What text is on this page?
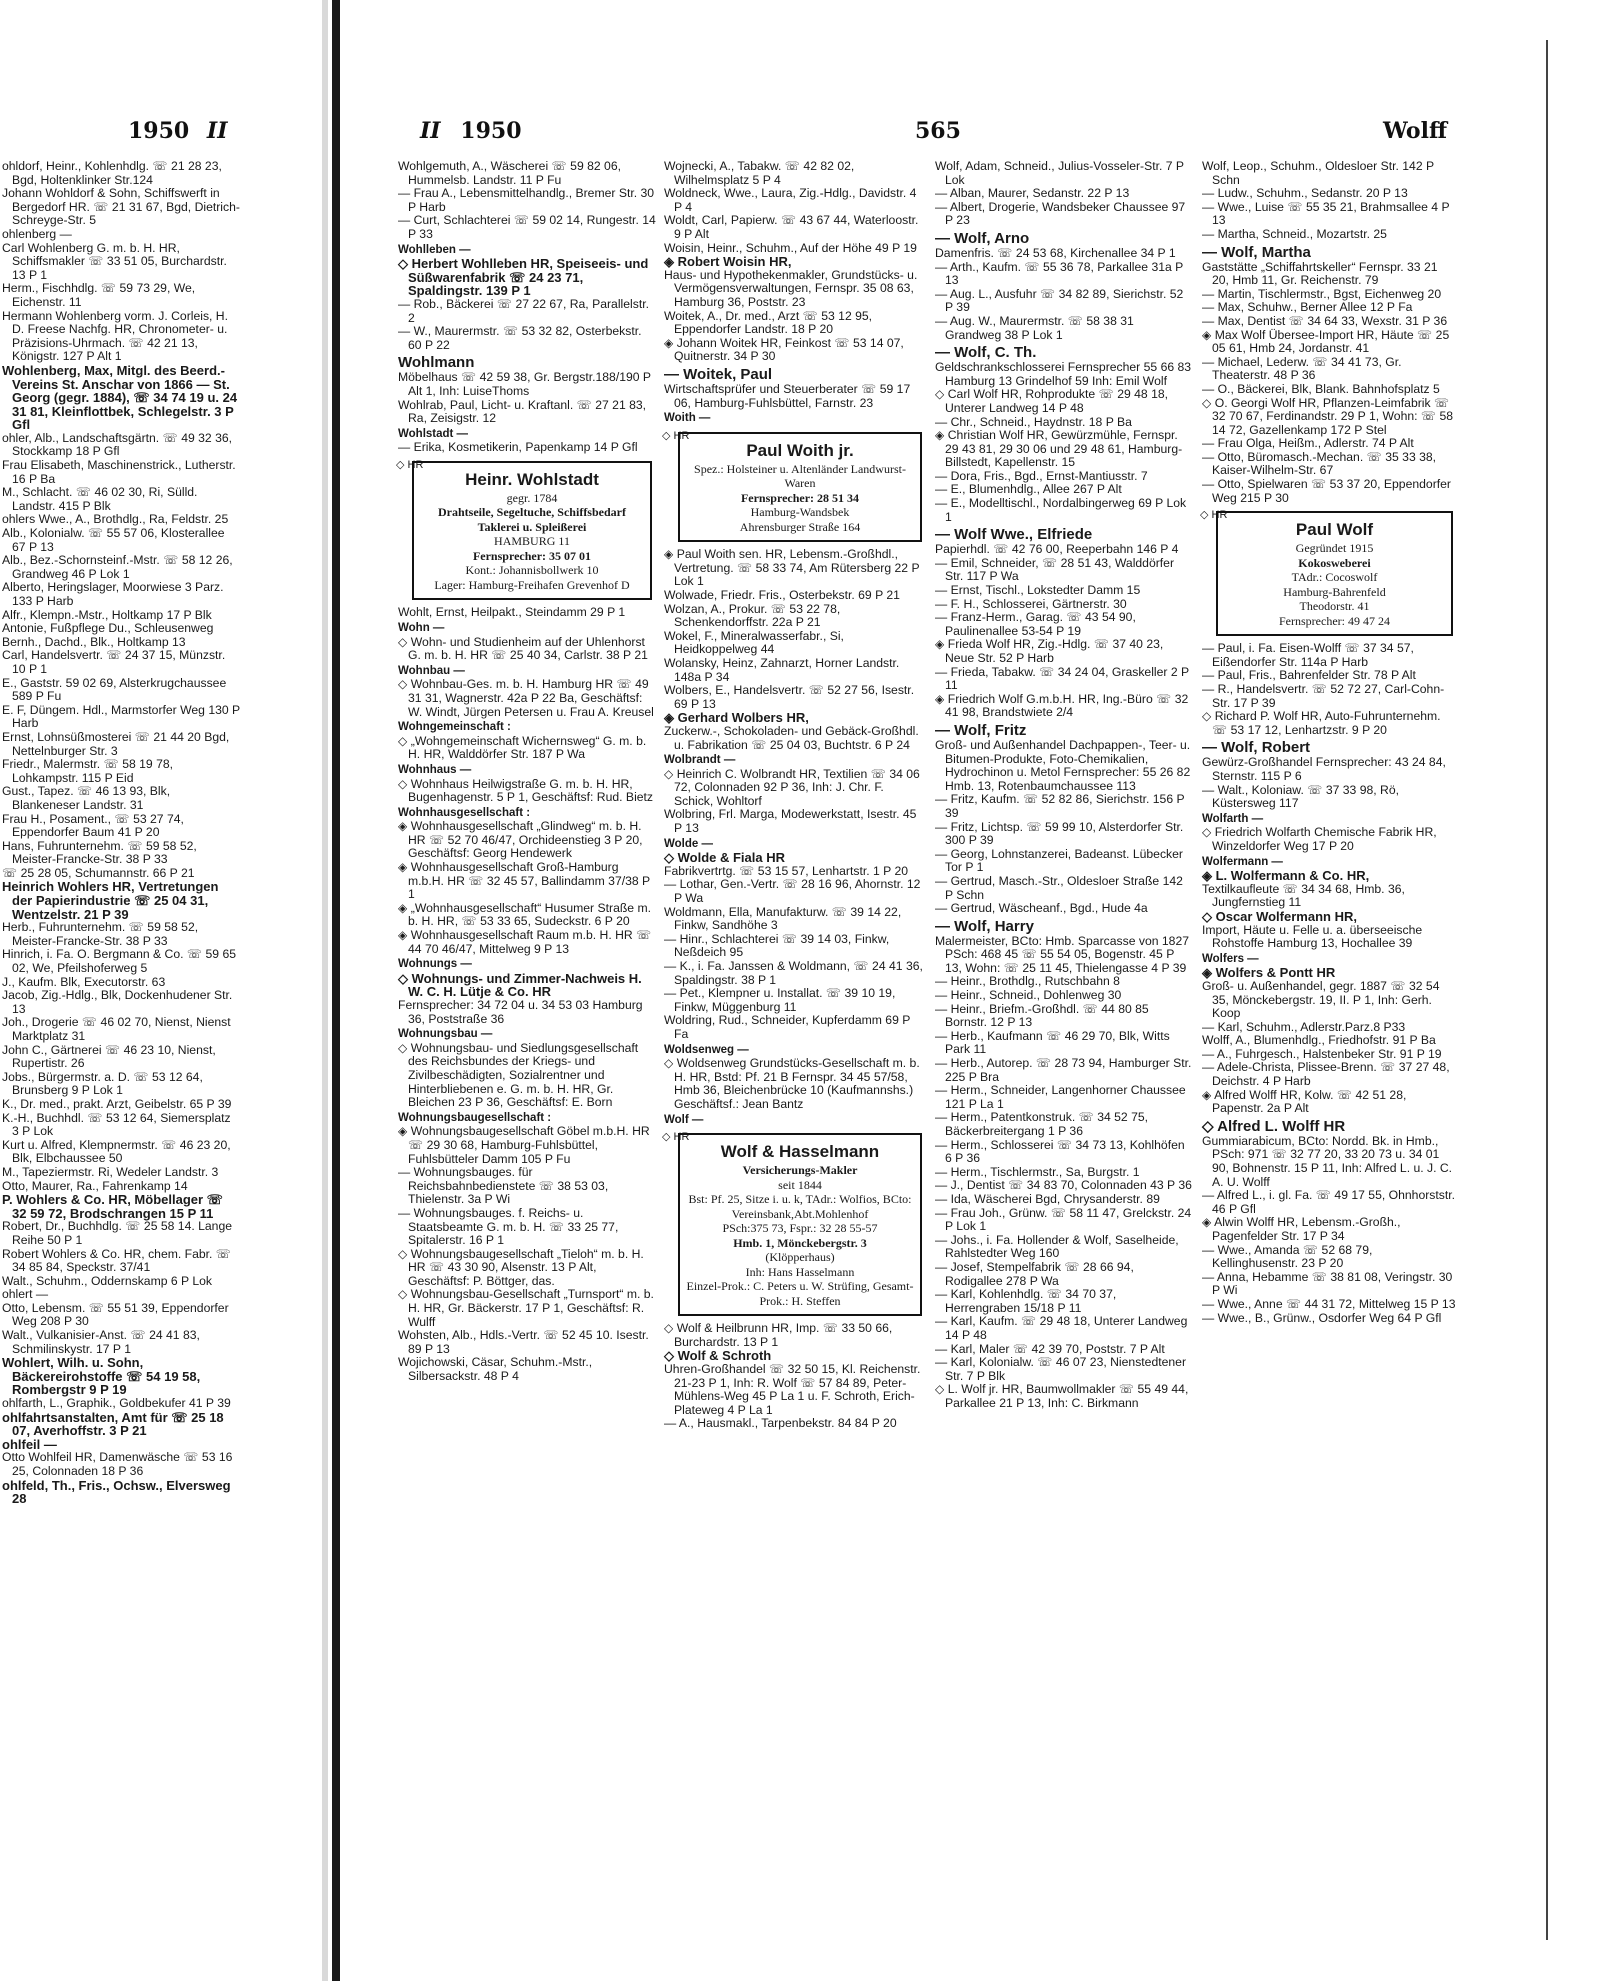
1950 II	II 1950	565	Wolff

ohldorf, Heinr., Kohlenhdlg. ☏ 21 28 23, Bgd, Holtenklinker Str.124

Johann Wohldorf & Sohn, Schiffswerft in Bergedorf HR. ☏ 21 31 67, Bgd, Dietrich-Schreyge-Str. 5

ohlenberg —

Carl Wohlenberg G. m. b. H. HR, Schiffsmakler ☏ 33 51 05, Burchardstr. 13 P 1

Herm., Fischhdlg. ☏ 59 73 29, We, Eichenstr. 11

Hermann Wohlenberg vorm. J. Corleis, H. D. Freese Nachfg. HR, Chronometer- u. Präzisions-Uhrmach. ☏ 42 21 13, Königstr. 127 P Alt 1

Wohlenberg, Max, Mitgl. des Beerd.-Vereins St. Anschar von 1866 — St. Georg (gegr. 1884), ☏ 34 74 19 u. 24 31 81, Kleinflottbek, Schlegelstr. 3 P Gfl

ohler, Alb., Landschaftsgärtn. ☏ 49 32 36, Stockkamp 18 P Gfl

Frau Elisabeth, Maschinenstrick., Lutherstr. 16 P Ba

M., Schlacht. ☏ 46 02 30, Ri, Sülld. Landstr. 415 P Blk

ohlers Wwe., A., Brothdlg., Ra, Feldstr. 25

Alb., Kolonialw. ☏ 55 57 06, Klosterallee 67 P 13

Alb., Bez.-Schornsteinf.-Mstr. ☏ 58 12 26, Grandweg 46 P Lok 1

Alberto, Heringslager, Moorwiese 3 Parz. 133 P Harb

Alfr., Klempn.-Mstr., Holtkamp 17 P Blk

Antonie, Fußpflege Du., Schleusenweg

Bernh., Dachd., Blk., Holtkamp 13

Carl, Handelsvertr. ☏ 24 37 15, Münzstr. 10 P 1

E., Gaststr. 59 02 69, Alsterkrugchaussee 589 P Fu

E. F, Düngem. Hdl., Marmstorfer Weg 130 P Harb

Ernst, Lohnsüßmosterei ☏ 21 44 20 Bgd, Nettelnburger Str. 3

Friedr., Malermstr. ☏ 58 19 78, Lohkampstr. 115 P Eid

Gust., Tapez. ☏ 46 13 93, Blk, Blankeneser Landstr. 31

Frau H., Posament., ☏ 53 27 74, Eppendorfer Baum 41 P 20

Hans, Fuhrunternehm. ☏ 59 58 52, Meister-Francke-Str. 38 P 33

☏ 25 28 05, Schumannstr. 66 P 21

Heinrich Wohlers HR, Vertretungen der Papierindustrie ☏ 25 04 31, Wentzelstr. 21 P 39

Herb., Fuhrunternehm. ☏ 59 58 52, Meister-Francke-Str. 38 P 33

Hinrich, i. Fa. O. Bergmann & Co. ☏ 59 65 02, We, Pfeilshoferweg 5

J., Kaufm. Blk, Executorstr. 63

Jacob, Zig.-Hdlg., Blk, Dockenhudener Str. 13

Joh., Drogerie ☏ 46 02 70, Nienst, Nienst Marktplatz 31

John C., Gärtnerei ☏ 46 23 10, Nienst, Rupertistr. 26

Jobs., Bürgermstr. a. D. ☏ 53 12 64, Brunsberg 9 P Lok 1

K., Dr. med., prakt. Arzt, Geibelstr. 65 P 39

K.-H., Buchhdl. ☏ 53 12 64, Siemersplatz 3 P Lok

Kurt u. Alfred, Klempnermstr. ☏ 46 23 20, Blk, Elbchaussee 50

M., Tapeziermstr. Ri, Wedeler Landstr. 3

Otto, Maurer, Ra., Fahrenkamp 14

P. Wohlers & Co. HR, Möbellager ☏ 32 59 72, Brodschrangen 15 P 11

Robert, Dr., Buchhdlg. ☏ 25 58 14. Lange Reihe 50 P 1

Robert Wohlers & Co. HR, chem. Fabr. ☏ 34 85 84, Speckstr. 37/41

Walt., Schuhm., Oddernskamp 6 P Lok

ohlert —

Otto, Lebensm. ☏ 55 51 39, Eppendorfer Weg 208 P 30

Walt., Vulkanisier-Anst. ☏ 24 41 83, Schmilinskystr. 17 P 1

Wohlert, Wilh. u. Sohn, Bäckereirohstoffe ☏ 54 19 58, Rombergstr 9 P 19

ohlfarth, L., Graphik., Goldbekufer 41 P 39

ohlfahrtsanstalten, Amt für ☏ 25 18 07, Averhoffstr. 3 P 21

ohlfeil —

Otto Wohlfeil HR, Damenwäsche ☏ 53 16 25, Colonnaden 18 P 36

ohlfeld, Th., Fris., Ochsw., Elversweg 28

Wohlgemuth, A., Wäscherei ☏ 59 82 06, Hummelsb. Landstr. 11 P Fu

— Frau A., Lebensmittelhandlg., Bremer Str. 30 P Harb

— Curt, Schlachterei ☏ 59 02 14, Rungestr. 14 P 33

Wohlleben —

◇ Herbert Wohlleben HR, Speiseeis- und Süßwarenfabrik ☏ 24 23 71, Spaldingstr. 139 P 1

— Rob., Bäckerei ☏ 27 22 67, Ra, Parallelstr. 2

— W., Maurermstr. ☏ 53 32 82, Osterbekstr. 60 P 22

Wohlmann

Möbelhaus ☏ 42 59 38, Gr. Bergstr.188/190 P Alt 1, Inh: LuiseThoms

Wohlrab, Paul, Licht- u. Kraftanl. ☏ 27 21 83, Ra, Zeisigstr. 12

Wohlstadt —

— Erika, Kosmetikerin, Papenkamp 14 P Gfl

◇ HR
Heinr. Wohlstadt
gegr. 1784
Drahtseile, Segeltuche, Schiffsbedarf
Taklerei u. Spleißerei
HAMBURG 11
Fernsprecher: 35 07 01
Kont.: Johannisbollwerk 10
Lager: Hamburg-Freihafen Grevenhof D

Wohlt, Ernst, Heilpakt., Steindamm 29 P 1

Wohn —

◇ Wohn- und Studienheim auf der Uhlenhorst G. m. b. H. HR ☏ 25 40 34, Carlstr. 38 P 21

Wohnbau —

◇ Wohnbau-Ges. m. b. H. Hamburg HR ☏ 49 31 31, Wagnerstr. 42a P 22 Ba, Geschäftsf: W. Windt, Jürgen Petersen u. Frau A. Kreusel

Wohngemeinschaft :

◇ „Wohngemeinschaft Wichernsweg“ G. m. b. H. HR, Walddörfer Str. 187 P Wa

Wohnhaus —

◇ Wohnhaus Heilwigstraße G. m. b. H. HR, Bugenhagenstr. 5 P 1, Geschäftsf: Rud. Bietz

Wohnhausgesellschaft :

◈ Wohnhausgesellschaft „Glindweg“ m. b. H. HR ☏ 52 70 46/47, Orchideenstieg 3 P 20, Geschäftsf: Georg Hendewerk

◈ Wohnhausgesellschaft Groß-Hamburg m.b.H. HR ☏ 32 45 57, Ballindamm 37/38 P 1

◈ „Wohnhausgesellschaft“ Husumer Straße m. b. H. HR, ☏ 53 33 65, Sudeckstr. 6 P 20

◈ Wohnhausgesellschaft Raum m.b. H. HR ☏ 44 70 46/47, Mittelweg 9 P 13

Wohnungs —

◇ Wohnungs- und Zimmer-Nachweis H. W. C. H. Lütje & Co. HR

Fernsprecher: 34 72 04 u. 34 53 03 Hamburg 36, Poststraße 36

Wohnungsbau —

◇ Wohnungsbau- und Siedlungsgesellschaft des Reichsbundes der Kriegs- und Zivilbeschädigten, Sozialrentner und Hinterbliebenen e. G. m. b. H. HR, Gr. Bleichen 23 P 36, Geschäftsf: E. Born

Wohnungsbaugesellschaft :

◈ Wohnungsbaugesellschaft Göbel m.b.H. HR ☏ 29 30 68, Hamburg-Fuhlsbüttel, Fuhlsbütteler Damm 105 P Fu

— Wohnungsbauges. für Reichsbahnbedienstete ☏ 38 53 03, Thielenstr. 3a P Wi

— Wohnungsbauges. f. Reichs- u. Staatsbeamte G. m. b. H. ☏ 33 25 77, Spitalerstr. 16 P 1

◇ Wohnungsbaugesellschaft „Tieloh“ m. b. H. HR ☏ 43 30 90, Alsenstr. 13 P Alt, Geschäftsf: P. Böttger, das.

◇ Wohnungsbau-Gesellschaft „Turnsport“ m. b. H. HR, Gr. Bäckerstr. 17 P 1, Geschäftsf: R. Wulff

Wohsten, Alb., Hdls.-Vertr. ☏ 52 45 10. Isestr. 89 P 13

Wojichowski, Cäsar, Schuhm.-Mstr., Silbersackstr. 48 P 4

Wojnecki, A., Tabakw. ☏ 42 82 02, Wilhelmsplatz 5 P 4

Woldneck, Wwe., Laura, Zig.-Hdlg., Davidstr. 4 P 4

Woldt, Carl, Papierw. ☏ 43 67 44, Waterloostr. 9 P Alt

Woisin, Heinr., Schuhm., Auf der Höhe 49 P 19

◈ Robert Woisin HR,

Haus- und Hypothekenmakler, Grundstücks- u. Vermögensverwaltungen, Fernspr. 35 08 63, Hamburg 36, Poststr. 23

Woitek, A., Dr. med., Arzt ☏ 53 12 95, Eppendorfer Landstr. 18 P 20

◈ Johann Woitek HR, Feinkost ☏ 53 14 07, Quitnerstr. 34 P 30

— Woitek, Paul

Wirtschaftsprüfer und Steuerberater ☏ 59 17 06, Hamburg-Fuhlsbüttel, Farnstr. 23

Woith —

◇ HR
Paul Woith jr.
Spez.: Holsteiner u. Altenländer Landwurst-Waren
Fernsprecher: 28 51 34
Hamburg-Wandsbek
Ahrensburger Straße 164

◈ Paul Woith sen. HR, Lebensm.-Großhdl., Vertretung. ☏ 58 33 74, Am Rütersberg 22 P Lok 1

Wolwade, Friedr. Fris., Osterbekstr. 69 P 21

Wolzan, A., Prokur. ☏ 53 22 78, Schenkendorffstr. 22a P 21

Wokel, F., Mineralwasserfabr., Si, Heidkoppelweg 44

Wolansky, Heinz, Zahnarzt, Horner Landstr. 148a P 34

Wolbers, E., Handelsvertr. ☏ 52 27 56, Isestr. 69 P 13

◈ Gerhard Wolbers HR,

Zuckerw.-, Schokoladen- und Gebäck-Großhdl. u. Fabrikation ☏ 25 04 03, Buchtstr. 6 P 24

Wolbrandt —

◇ Heinrich C. Wolbrandt HR, Textilien ☏ 34 06 72, Colonnaden 92 P 36, Inh: J. Chr. F. Schick, Wohltorf

Wolbring, Frl. Marga, Modewerkstatt, Isestr. 45 P 13

Wolde —

◇ Wolde & Fiala HR

Fabrikvertrtg. ☏ 53 15 57, Lenhartstr. 1 P 20

— Lothar, Gen.-Vertr. ☏ 28 16 96, Ahornstr. 12 P Wa

Woldmann, Ella, Manufakturw. ☏ 39 14 22, Finkw, Sandhöhe 3

— Hinr., Schlachterei ☏ 39 14 03, Finkw, Neßdeich 95

— K., i. Fa. Janssen & Woldmann, ☏ 24 41 36, Spaldingstr. 38 P 1

— Pet., Klempner u. Installat. ☏ 39 10 19, Finkw, Müggenburg 11

Woldring, Rud., Schneider, Kupferdamm 69 P Fa

Woldsenweg —

◇ Woldsenweg Grundstücks-Gesellschaft m. b. H. HR, Bstd: Pf. 21 B Fernspr. 34 45 57/58, Hmb 36, Bleichenbrücke 10 (Kaufmannshs.) Geschäftsf.: Jean Bantz

Wolf —

◇ HR
Wolf & Hasselmann
Versicherungs-Makler
seit 1844
Bst: Pf. 25, Sitze i. u. k, TAdr.: Wolfios, BCto: Vereinsbank,Abt.Mohlenhof
PSch:375 73, Fspr.: 32 28 55-57
Hmb. 1, Mönckebergstr. 3
(Klöpperhaus)
Inh: Hans Hasselmann
Einzel-Prok.: C. Peters u. W. Strüfing, Gesamt-Prok.: H. Steffen

◇ Wolf & Heilbrunn HR, Imp. ☏ 33 50 66, Burchardstr. 13 P 1

◇ Wolf & Schroth

Uhren-Großhandel ☏ 32 50 15, Kl. Reichenstr. 21-23 P 1, Inh: R. Wolf ☏ 57 84 89, Peter-Mühlens-Weg 45 P La 1 u. F. Schroth, Erich-Plateweg 4 P La 1

— A., Hausmakl., Tarpenbekstr. 84 84 P 20

Wolf, Adam, Schneid., Julius-Vosseler-Str. 7 P Lok

— Alban, Maurer, Sedanstr. 22 P 13

— Albert, Drogerie, Wandsbeker Chaussee 97 P 23

— Wolf, Arno

Damenfris. ☏ 24 53 68, Kirchenallee 34 P 1

— Arth., Kaufm. ☏ 55 36 78, Parkallee 31a P 13

— Aug. L., Ausfuhr ☏ 34 82 89, Sierichstr. 52 P 39

— Aug. W., Maurermstr. ☏ 58 38 31 Grandweg 38 P Lok 1

— Wolf, C. Th.

Geldschrankschlosserei Fernsprecher 55 66 83 Hamburg 13 Grindelhof 59 Inh: Emil Wolf

◇ Carl Wolf HR, Rohprodukte ☏ 29 48 18, Unterer Landweg 14 P 48

— Chr., Schneid., Haydnstr. 18 P Ba

◈ Christian Wolf HR, Gewürzmühle, Fernspr. 29 43 81, 29 30 06 und 29 48 61, Hamburg-Billstedt, Kapellenstr. 15

— Dora, Fris., Bgd., Ernst-Mantiusstr. 7

— E., Blumenhdlg., Allee 267 P Alt

— E., Modelltischl., Nordalbingerweg 69 P Lok 1

— Wolf Wwe., Elfriede

Papierhdl. ☏ 42 76 00, Reeperbahn 146 P 4

— Emil, Schneider, ☏ 28 51 43, Walddörfer Str. 117 P Wa

— Ernst, Tischl., Lokstedter Damm 15

— F. H., Schlosserei, Gärtnerstr. 30

— Franz-Herm., Garag. ☏ 43 54 90, Paulinenallee 53-54 P 19

◈ Frieda Wolf HR, Zig.-Hdlg. ☏ 37 40 23, Neue Str. 52 P Harb

— Frieda, Tabakw. ☏ 34 24 04, Graskeller 2 P 11

◈ Friedrich Wolf G.m.b.H. HR, Ing.-Büro ☏ 32 41 98, Brandstwiete 2/4

— Wolf, Fritz

Groß- und Außenhandel Dachpappen-, Teer- u. Bitumen-Produkte, Foto-Chemikalien, Hydrochinon u. Metol Fernsprecher: 55 26 82 Hmb. 13, Rotenbaumchaussee 113

— Fritz, Kaufm. ☏ 52 82 86, Sierichstr. 156 P 39

— Fritz, Lichtsp. ☏ 59 99 10, Alsterdorfer Str. 300 P 39

— Georg, Lohnstanzerei, Badeanst. Lübecker Tor P 1

— Gertrud, Masch.-Str., Oldesloer Straße 142 P Schn

— Gertrud, Wäscheanf., Bgd., Hude 4a

— Wolf, Harry

Malermeister, BCto: Hmb. Sparcasse von 1827 PSch: 468 45 ☏ 55 54 05, Bogenstr. 45 P 13, Wohn: ☏ 25 11 45, Thielengasse 4 P 39

— Heinr., Brothdlg., Rutschbahn 8

— Heinr., Schneid., Dohlenweg 30

— Heinr., Briefm.-Großhdl. ☏ 44 80 85 Bornstr. 12 P 13

— Herb., Kaufmann ☏ 46 29 70, Blk, Witts Park 11

— Herb., Autorep. ☏ 28 73 94, Hamburger Str. 225 P Bra

— Herm., Schneider, Langenhorner Chaussee 121 P La 1

— Herm., Patentkonstruk. ☏ 34 52 75, Bäckerbreitergang 1 P 36

— Herm., Schlosserei ☏ 34 73 13, Kohlhöfen 6 P 36

— Herm., Tischlermstr., Sa, Burgstr. 1

— J., Dentist ☏ 34 83 70, Colonnaden 43 P 36

— Ida, Wäscherei Bgd, Chrysanderstr. 89

— Frau Joh., Grünw. ☏ 58 11 47, Grelckstr. 24 P Lok 1

— Johs., i. Fa. Hollender & Wolf, Saselheide, Rahlstedter Weg 160

— Josef, Stempelfabrik ☏ 28 66 94, Rodigallee 278 P Wa

— Karl, Kohlenhdlg. ☏ 34 70 37, Herrengraben 15/18 P 11

— Karl, Kaufm. ☏ 29 48 18, Unterer Landweg 14 P 48

— Karl, Maler ☏ 42 39 70, Poststr. 7 P Alt

— Karl, Kolonialw. ☏ 46 07 23, Nienstedtener Str. 7 P Blk

◇ L. Wolf jr. HR, Baumwollmakler ☏ 55 49 44, Parkallee 21 P 13, Inh: C. Birkmann

Wolf, Leop., Schuhm., Oldesloer Str. 142 P Schn

— Ludw., Schuhm., Sedanstr. 20 P 13

— Wwe., Luise ☏ 55 35 21, Brahmsallee 4 P 13

— Martha, Schneid., Mozartstr. 25

— Wolf, Martha

Gaststätte „Schiffahrtskeller“ Fernspr. 33 21 20, Hmb 11, Gr. Reichenstr. 79

— Martin, Tischlermstr., Bgst, Eichenweg 20

— Max, Schuhw., Berner Allee 12 P Fa

— Max, Dentist ☏ 34 64 33, Wexstr. 31 P 36

◈ Max Wolf Übersee-Import HR, Häute ☏ 25 05 61, Hmb 24, Jordanstr. 41

— Michael, Lederw. ☏ 34 41 73, Gr. Theaterstr. 48 P 36

— O., Bäckerei, Blk, Blank. Bahnhofsplatz 5

◇ O. Georgi Wolf HR, Pflanzen-Leimfabrik ☏ 32 70 67, Ferdinandstr. 29 P 1, Wohn: ☏ 58 14 72, Gazellenkamp 172 P Stel

— Frau Olga, Heißm., Adlerstr. 74 P Alt

— Otto, Büromasch.-Mechan. ☏ 35 33 38, Kaiser-Wilhelm-Str. 67

— Otto, Spielwaren ☏ 53 37 20, Eppendorfer Weg 215 P 30

◇ HR
Paul Wolf
Gegründet 1915
Kokosweberei
TAdr.: Cocoswolf
Hamburg-Bahrenfeld
Theodorstr. 41
Fernsprecher: 49 47 24

— Paul, i. Fa. Eisen-Wolff ☏ 37 34 57, Eißendorfer Str. 114a P Harb

— Paul, Fris., Bahrenfelder Str. 78 P Alt

— R., Handelsvertr. ☏ 52 72 27, Carl-Cohn-Str. 17 P 39

◇ Richard P. Wolf HR, Auto-Fuhrunternehm. ☏ 53 17 12, Lenhartzstr. 9 P 20

— Wolf, Robert

Gewürz-Großhandel Fernsprecher: 43 24 84, Sternstr. 115 P 6

— Walt., Koloniaw. ☏ 37 33 98, Rö, Küstersweg 117

Wolfarth —

◇ Friedrich Wolfarth Chemische Fabrik HR, Winzeldorfer Weg 17 P 20

Wolfermann —

◈ L. Wolfermann & Co. HR,

Textilkaufleute ☏ 34 34 68, Hmb. 36, Jungfernstieg 11

◇ Oscar Wolfermann HR,

Import, Häute u. Felle u. a. überseeische Rohstoffe Hamburg 13, Hochallee 39

Wolfers —

◈ Wolfers & Pontt HR

Groß- u. Außenhandel, gegr. 1887 ☏ 32 54 35, Mönckebergstr. 19, II. P 1, Inh: Gerh. Koop

— Karl, Schuhm., Adlerstr.Parz.8 P33

Wolff, A., Blumenhdlg., Friedhofstr. 91 P Ba

— A., Fuhrgesch., Halstenbeker Str. 91 P 19

— Adele-Christa, Plissee-Brenn. ☏ 37 27 48, Deichstr. 4 P Harb

◈ Alfred Wolff HR, Kolw. ☏ 42 51 28, Papenstr. 2a P Alt

◇ Alfred L. Wolff HR

Gummiarabicum, BCto: Nordd. Bk. in Hmb., PSch: 971 ☏ 32 77 20, 33 20 73 u. 34 01 90, Bohnenstr. 15 P 11, Inh: Alfred L. u. J. C. A. U. Wolff

— Alfred L., i. gl. Fa. ☏ 49 17 55, Ohnhorststr. 46 P Gfl

◈ Alwin Wolff HR, Lebensm.-Großh., Pagenfelder Str. 17 P 34

— Wwe., Amanda ☏ 52 68 79, Kellinghusenstr. 23 P 20

— Anna, Hebamme ☏ 38 81 08, Veringstr. 30 P Wi

— Wwe., Anne ☏ 44 31 72, Mittelweg 15 P 13

— Wwe., B., Grünw., Osdorfer Weg 64 P Gfl
